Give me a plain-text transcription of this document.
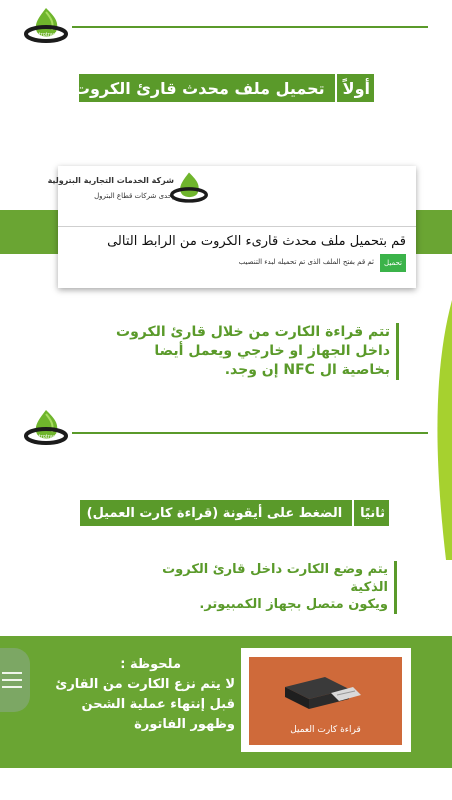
Petrotrade
أولاً
تحميل ملف محدث قارئ الكروت
شركة الخدمات التجارية البترولية
إحدى شركات قطاع البترول
قم بتحميل ملف محدث قارىء الكروت من الرابط التالى
تحميل
ثم قم بفتح الملف الذى تم تحميله لبدء التنصيب
تتم قراءة الكارت من خلال قارئ الكروت
داخل الجهاز او خارجي ويعمل أيضا
بخاصية ال NFC إن وجد.
Petrotrade
ثانيًا
الضغط على أيقونة (قراءة كارت العميل)
يتم وضع الكارت داخل قارئ الكروت الذكية
ويكون متصل بجهاز الكمبيوتر.
ملحوظة :
لا يتم نزع الكارت من القارئ
قبل إنتهاء عملية الشحن
وظهور الفاتورة	قراءة كارت العميل
